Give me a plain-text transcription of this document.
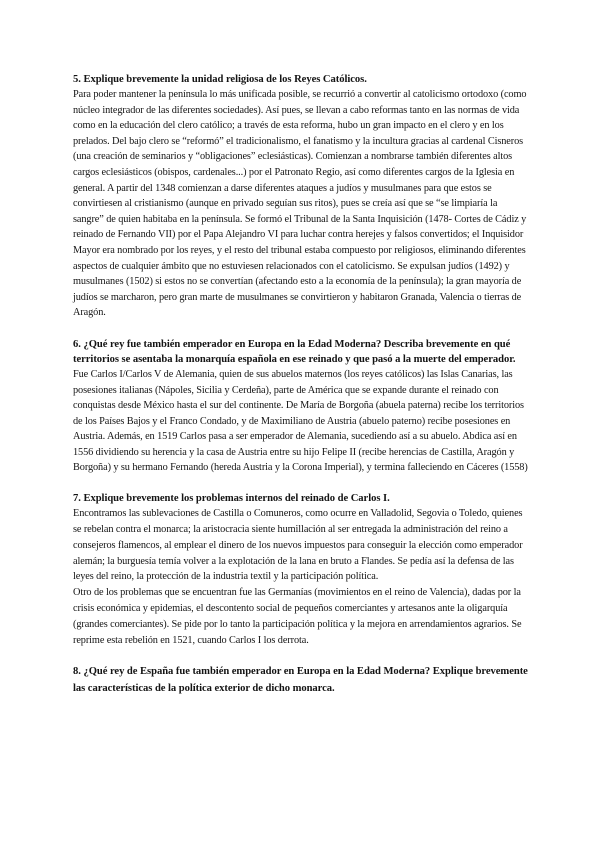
5. Explique brevemente la unidad religiosa de los Reyes Católicos.

Para poder mantener la península lo más unificada posible, se recurrió a convertir al catolicismo ortodoxo (como núcleo integrador de las diferentes sociedades). Así pues, se llevan a cabo reformas tanto en las normas de vida como en la educación del clero católico; a través de esta reforma, hubo un gran impacto en el clero y en los prelados. Del bajo clero se “reformó” el tradicionalismo, el fanatismo y la incultura gracias al cardenal Cisneros (una creación de seminarios y “obligaciones” eclesiásticas). Comienzan a nombrarse también diferentes altos cargos eclesiásticos (obispos, cardenales...) por el Patronato Regio, así como diferentes cargos de la Iglesia en general. A partir del 1348 comienzan a darse diferentes ataques a judíos y musulmanes para que estos se convirtiesen al cristianismo (aunque en privado seguían sus ritos), pues se creía así que se “se limpiaría la sangre” de quien habitaba en la península. Se formó el Tribunal de la Santa Inquisición (1478- Cortes de Cádiz y reinado de Fernando VII) por el Papa Alejandro VI para luchar contra herejes y falsos convertidos; el Inquisidor Mayor era nombrado por los reyes, y el resto del tribunal estaba compuesto por religiosos, eliminando diferentes aspectos de cualquier ámbito que no estuviesen relacionados con el catolicismo. Se expulsan judíos (1492) y musulmanes (1502) si estos no se convertían (afectando esto a la economía de la península); la gran mayoría de judíos se marcharon, pero gran marte de musulmanes se convirtieron y habitaron Granada, Valencia o tierras de Aragón.

6. ¿Qué rey fue también emperador en Europa en la Edad Moderna? Describa brevemente en qué territorios se asentaba la monarquía española en ese reinado y que pasó a la muerte del emperador.

Fue Carlos I/Carlos V de Alemania, quien de sus abuelos maternos (los reyes católicos) las Islas Canarias, las posesiones italianas (Nápoles, Sicilia y Cerdeña), parte de América que se expande durante el reinado con conquistas desde México hasta el sur del continente. De María de Borgoña (abuela paterna) recibe los territorios de los Países Bajos y el Franco Condado, y de Maximiliano de Austria (abuelo paterno) recibe posesiones en Austria. Además, en 1519 Carlos pasa a ser emperador de Alemania, sucediendo así a su abuelo. Abdica así en 1556 dividiendo su herencia y la casa de Austria entre su hijo Felipe II (recibe herencias de Castilla, Aragón y Borgoña) y su hermano Fernando (hereda Austria y la Corona Imperial), y termina falleciendo en Cáceres (1558)

7. Explique brevemente los problemas internos del reinado de Carlos I.

Encontramos las sublevaciones de Castilla o Comuneros, como ocurre en Valladolid, Segovia o Toledo, quienes se rebelan contra el monarca; la aristocracia siente humillación al ser entregada la administración del reino a consejeros flamencos, al emplear el dinero de los nuevos impuestos para conseguir la elección como emperador alemán; la burguesía temía volver a la explotación de la lana en bruto a Flandes. Se pedía así la defensa de las leyes del reino, la protección de la industria textil y la participación política.

Otro de los problemas que se encuentran fue las Germanías (movimientos en el reino de Valencia), dadas por la crisis económica y epidemias, el descontento social de pequeños comerciantes y artesanos ante la oligarquía (grandes comerciantes). Se pide por lo tanto la participación política y la mejora en arrendamientos agrarios. Se reprime esta rebelión en 1521, cuando Carlos I los derrota.

8. ¿Qué rey de España fue también emperador en Europa en la Edad Moderna? Explique brevemente las características de la política exterior de dicho monarca.
